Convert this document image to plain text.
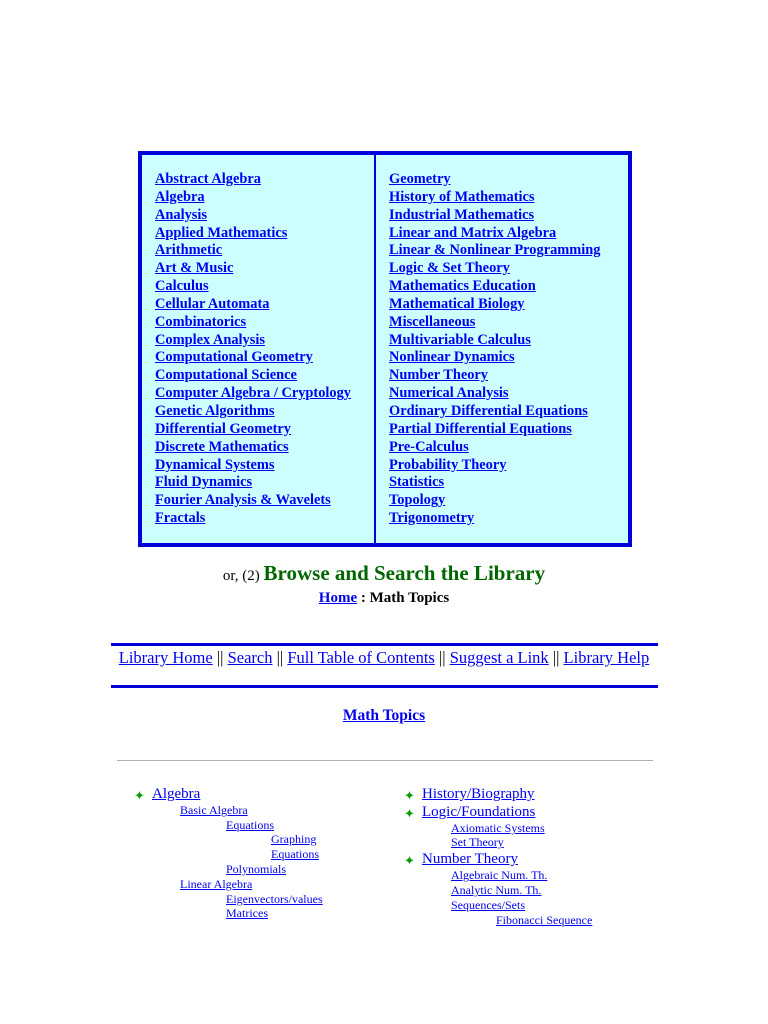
Abstract Algebra
Algebra
Analysis
Applied Mathematics
Arithmetic
Art & Music
Calculus
Cellular Automata
Combinatorics
Complex Analysis
Computational Geometry
Computational Science
Computer Algebra / Cryptology
Genetic Algorithms
Differential Geometry
Discrete Mathematics
Dynamical Systems
Fluid Dynamics
Fourier Analysis & Wavelets
Fractals
Geometry
History of Mathematics
Industrial Mathematics
Linear and Matrix Algebra
Linear & Nonlinear Programming
Logic & Set Theory
Mathematics Education
Mathematical Biology
Miscellaneous
Multivariable Calculus
Nonlinear Dynamics
Number Theory
Numerical Analysis
Ordinary Differential Equations
Partial Differential Equations
Pre-Calculus
Probability Theory
Statistics
Topology
Trigonometry
or, (2) Browse and Search the Library
Home : Math Topics
Library Home || Search || Full Table of Contents || Suggest a Link || Library Help
Math Topics
✦ Algebra
Basic Algebra
Equations
Graphing
Equations
Polynomials
Linear Algebra
Eigenvectors/values
Matrices
✦ History/Biography
✦ Logic/Foundations
Axiomatic Systems
Set Theory
✦ Number Theory
Algebraic Num. Th.
Analytic Num. Th.
Sequences/Sets
Fibonacci Sequence
